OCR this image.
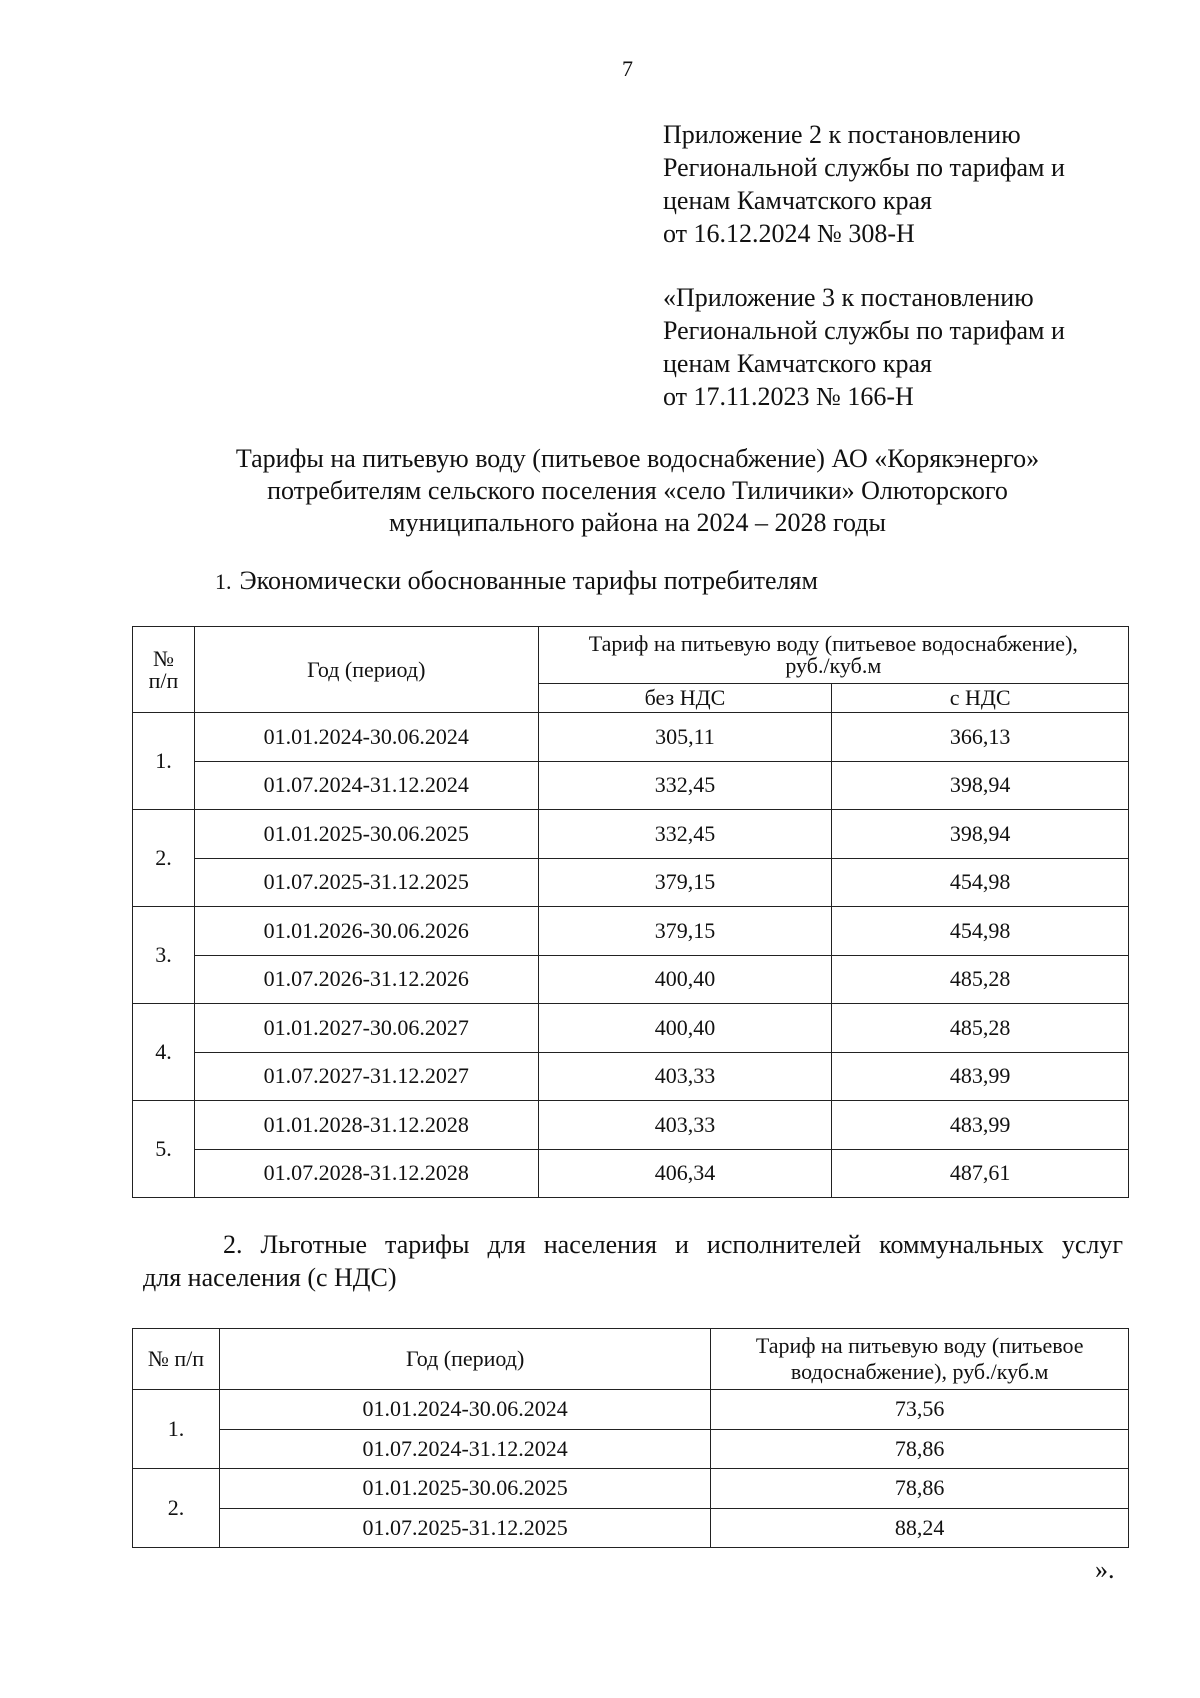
7
Приложение 2 к постановлению
Региональной службы по тарифам и
ценам Камчатского края
от 16.12.2024 № 308-Н
«Приложение 3 к постановлению
Региональной службы по тарифам и
ценам Камчатского края
от 17.11.2023 № 166-Н
Тарифы на питьевую воду (питьевое водоснабжение) АО «Корякэнерго»
потребителям сельского поселения «село Тиличики» Олюторского
муниципального района на 2024 – 2028 годы
1. Экономически обоснованные тарифы потребителям
№
п/п	Год (период)	Тариф на питьевую воду (питьевое водоснабжение),
руб./куб.м	
		без НДС	с НДС
1.	01.01.2024-30.06.2024	305,11	366,13
	01.07.2024-31.12.2024	332,45	398,94
2.	01.01.2025-30.06.2025	332,45	398,94
	01.07.2025-31.12.2025	379,15	454,98
3.	01.01.2026-30.06.2026	379,15	454,98
	01.07.2026-31.12.2026	400,40	485,28
4.	01.01.2027-30.06.2027	400,40	485,28
	01.07.2027-31.12.2027	403,33	483,99
5.	01.01.2028-31.12.2028	403,33	483,99
	01.07.2028-31.12.2028	406,34	487,61
2. Льготные тарифы для населения и исполнителей коммунальных услуг
для населения (с НДС)
№ п/п	Год (период)	Тариф на питьевую воду (питьевое
водоснабжение), руб./куб.м
1.	01.01.2024-30.06.2024	73,56
	01.07.2024-31.12.2024	78,86
2.	01.01.2025-30.06.2025	78,86
	01.07.2025-31.12.2025	88,24
».
